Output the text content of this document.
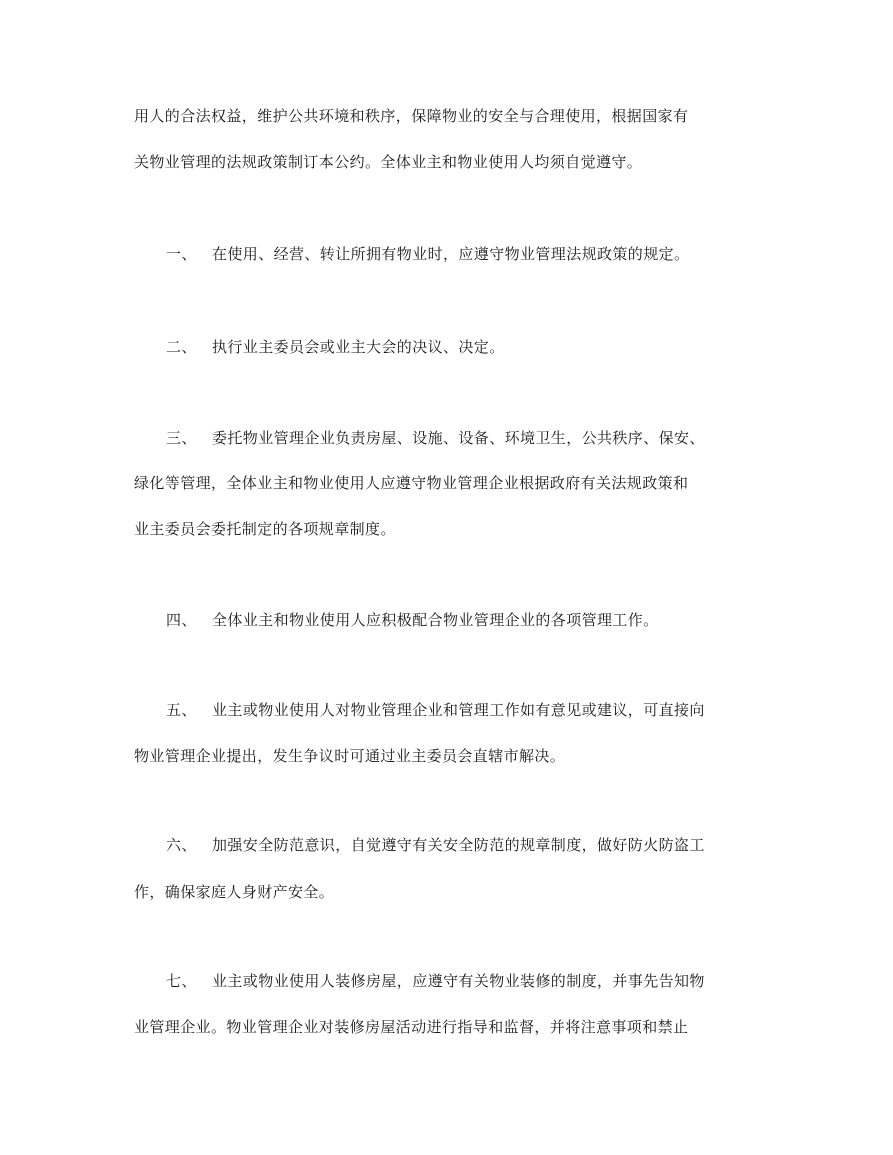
用人的合法权益，维护公共环境和秩序，保障物业的安全与合理使用，根据国家有
关物业管理的法规政策制订本公约。全体业主和物业使用人均须自觉遵守。
一、 在使用、经营、转让所拥有物业时，应遵守物业管理法规政策的规定。
二、 执行业主委员会或业主大会的决议、决定。
三、 委托物业管理企业负责房屋、设施、设备、环境卫生，公共秩序、保安、
绿化等管理，全体业主和物业使用人应遵守物业管理企业根据政府有关法规政策和
业主委员会委托制定的各项规章制度。
四、 全体业主和物业使用人应积极配合物业管理企业的各项管理工作。
五、 业主或物业使用人对物业管理企业和管理工作如有意见或建议，可直接向
物业管理企业提出，发生争议时可通过业主委员会直辖市解决。
六、 加强安全防范意识，自觉遵守有关安全防范的规章制度，做好防火防盗工
作，确保家庭人身财产安全。
七、 业主或物业使用人装修房屋，应遵守有关物业装修的制度，并事先告知物
业管理企业。物业管理企业对装修房屋活动进行指导和监督，并将注意事项和禁止
